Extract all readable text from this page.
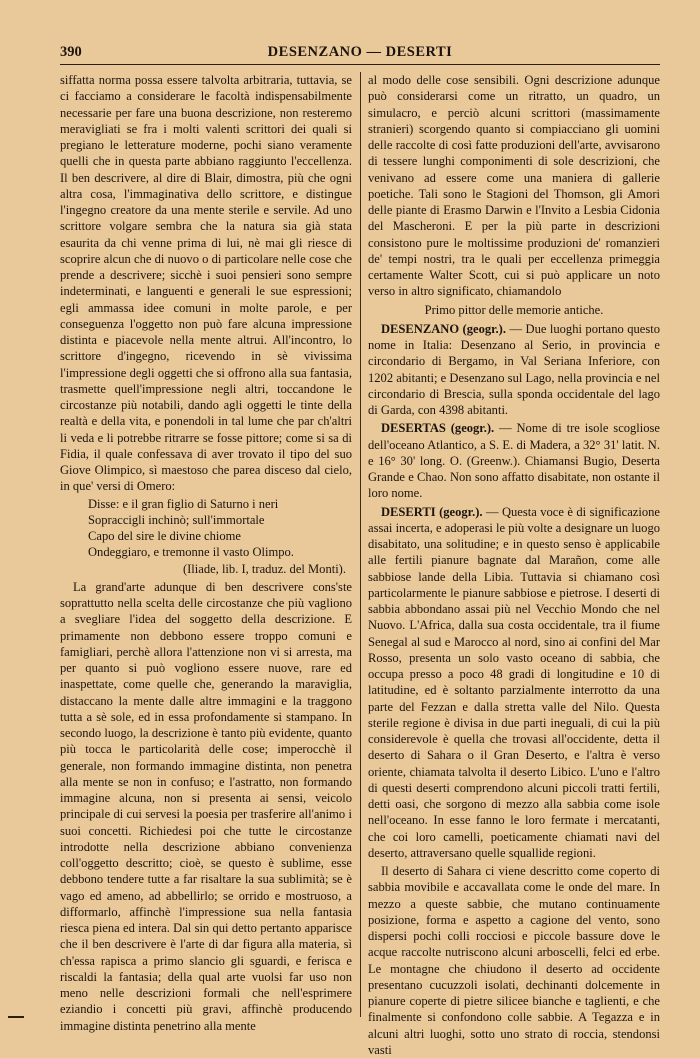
390	DESENZANO — DESERTI

siffatta norma possa essere talvolta arbitraria, tuttavia, se ci facciamo a considerare le facoltà indispensabilmente necessarie per fare una buona descrizione, non resteremo meravigliati se fra i molti valenti scrittori dei quali si pregiano le letterature moderne, pochi siano veramente quelli che in questa parte abbiano raggiunto l'eccellenza. Il ben descrivere, al dire di Blair, dimostra, più che ogni altra cosa, l'immaginativa dello scrittore, e distingue l'ingegno creatore da una mente sterile e servile. Ad uno scrittore volgare sembra che la natura sia già stata esaurita da chi venne prima di lui, nè mai gli riesce di scoprire alcun che di nuovo o di particolare nelle cose che prende a descrivere; sicchè i suoi pensieri sono sempre indeterminati, e languenti e generali le sue espressioni; egli ammassa idee comuni in molte parole, e per conseguenza l'oggetto non può fare alcuna impressione distinta e piacevole nella mente altrui. All'incontro, lo scrittore d'ingegno, ricevendo in sè vivissima l'impressione degli oggetti che si offrono alla sua fantasia, trasmette quell'impressione negli altri, toccandone le circostanze più notabili, dando agli oggetti le tinte della realtà e della vita, e ponendoli in tal lume che par ch'altri li veda e li potrebbe ritrarre se fosse pittore; come si sa di Fidia, il quale confessava di aver trovato il tipo del suo Giove Olimpico, sì maestoso che parea disceso dal cielo, in que' versi di Omero:

Disse: e il gran figlio di Saturno i neri
Sopraccigli inchinò; sull'immortale
Capo del sire le divine chiome
Ondeggiaro, e tremonne il vasto Olimpo.
(Iliade, lib. I, traduz. del Monti).

La grand'arte adunque di ben descrivere cons'ste soprattutto nella scelta delle circostanze che più vagliono a svegliare l'idea del soggetto della descrizione. E primamente non debbono essere troppo comuni e famigliari, perchè allora l'attenzione non vi si arresta, ma per quanto si può vogliono essere nuove, rare ed inaspettate, come quelle che, generando la maraviglia, distaccano la mente dalle altre immagini e la traggono tutta a sè sole, ed in essa profondamente si stampano. In secondo luogo, la descrizione è tanto più evidente, quanto più tocca le particolarità delle cose; imperocchè il generale, non formando immagine distinta, non penetra alla mente se non in confuso; e l'astratto, non formando immagine alcuna, non si presenta ai sensi, veicolo principale di cui servesi la poesia per trasferire all'animo i suoi concetti. Richiedesi poi che tutte le circostanze introdotte nella descrizione abbiano convenienza coll'oggetto descritto; cioè, se questo è sublime, esse debbono tendere tutte a far risaltare la sua sublimità; se è vago ed ameno, ad abbellirlo; se orrido e mostruoso, a difformarlo, affinchè l'impressione sua nella fantasia riesca piena ed intera. Dal sin qui detto pertanto apparisce che il ben descrivere è l'arte di dar figura alla materia, sì ch'essa rapisca a primo slancio gli sguardi, e ferisca e riscaldi la fantasia; della qual arte vuolsi far uso non meno nelle descrizioni formali che nell'esprimere eziandio i concetti più gravi, affinchè producendo immagine distinta penetrino alla mente

al modo delle cose sensibili. Ogni descrizione adunque può considerarsi come un ritratto, un quadro, un simulacro, e perciò alcuni scrittori (massimamente stranieri) scorgendo quanto si compiacciano gli uomini delle raccolte di così fatte produzioni dell'arte, avvisarono di tessere lunghi componimenti di sole descrizioni, che venivano ad essere come una maniera di gallerie poetiche. Tali sono le Stagioni del Thomson, gli Amori delle piante di Erasmo Darwin e l'Invito a Lesbia Cidonia del Mascheroni. E per la più parte in descrizioni consistono pure le moltissime produzioni de' romanzieri de' tempi nostri, tra le quali per eccellenza primeggia certamente Walter Scott, cui si può applicare un noto verso in altro significato, chiamandolo

Primo pittor delle memorie antiche.

DESENZANO (geogr.). — Due luoghi portano questo nome in Italia: Desenzano al Serio, in provincia e circondario di Bergamo, in Val Seriana Inferiore, con 1202 abitanti; e Desenzano sul Lago, nella provincia e nel circondario di Brescia, sulla sponda occidentale del lago di Garda, con 4398 abitanti.

DESERTAS (geogr.). — Nome di tre isole scogliose dell'oceano Atlantico, a S. E. di Madera, a 32° 31' latit. N. e 16° 30' long. O. (Greenw.). Chiamansi Bugio, Deserta Grande e Chao. Non sono affatto disabitate, non ostante il loro nome.

DESERTI (geogr.). — Questa voce è di significazione assai incerta, e adoperasi le più volte a designare un luogo disabitato, una solitudine; e in questo senso è applicabile alle fertili pianure bagnate dal Marañon, come alle sabbiose lande della Libia. Tuttavia si chiamano così particolarmente le pianure sabbiose e pietrose. I deserti di sabbia abbondano assai più nel Vecchio Mondo che nel Nuovo. L'Africa, dalla sua costa occidentale, tra il fiume Senegal al sud e Marocco al nord, sino ai confini del Mar Rosso, presenta un solo vasto oceano di sabbia, che occupa presso a poco 48 gradi di longitudine e 10 di latitudine, ed è soltanto parzialmente interrotto da una parte del Fezzan e dalla stretta valle del Nilo. Questa sterile regione è divisa in due parti ineguali, di cui la più considerevole è quella che trovasi all'occidente, detta il deserto di Sahara o il Gran Deserto, e l'altra è verso oriente, chiamata talvolta il deserto Libico. L'uno e l'altro di questi deserti comprendono alcuni piccoli tratti fertili, detti oasi, che sorgono di mezzo alla sabbia come isole nell'oceano. In esse fanno le loro fermate i mercatanti, che coi loro camelli, poeticamente chiamati navi del deserto, attraversano quelle squallide regioni.

Il deserto di Sahara ci viene descritto come coperto di sabbia movibile e accavallata come le onde del mare. In mezzo a queste sabbie, che mutano continuamente posizione, forma e aspetto a cagione del vento, sono dispersi pochi colli rocciosi e piccole bassure dove le acque raccolte nutriscono alcuni arboscelli, felci ed erbe. Le montagne che chiudono il deserto ad occidente presentano cucuzzoli isolati, dechinanti dolcemente in pianure coperte di pietre silicee bianche e taglienti, e che finalmente si confondono colle sabbie. A Tegazza e in alcuni altri luoghi, sotto uno strato di roccia, stendonsi vasti
